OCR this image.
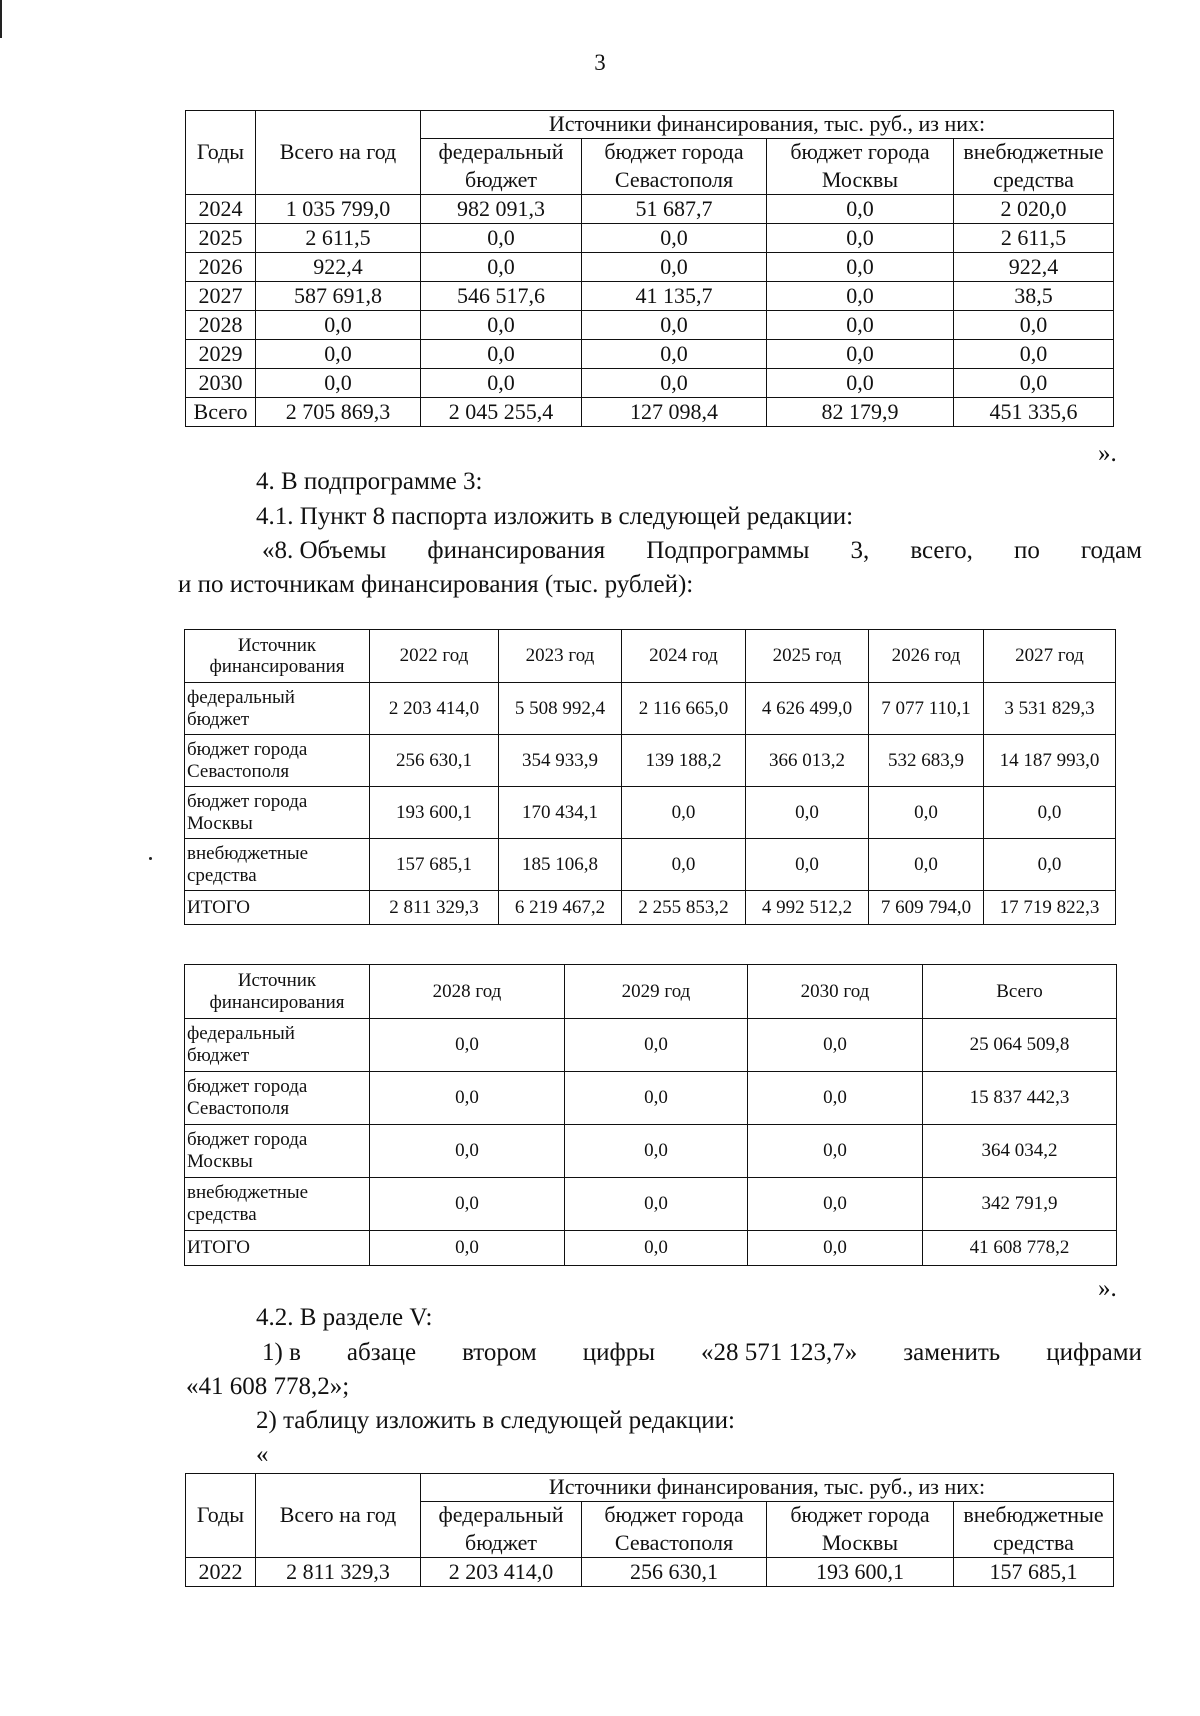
3
Годы	Всего на год	Источники финансирования, тыс. руб., из них:			
		федеральный	бюджет города	бюджет города	внебюджетные
		бюджет	Севастополя	Москвы	средства
2024	1 035 799,0	982 091,3	51 687,7	0,0	2 020,0
2025	2 611,5	0,0	0,0	0,0	2 611,5
2026	922,4	0,0	0,0	0,0	922,4
2027	587 691,8	546 517,6	41 135,7	0,0	38,5
2028	0,0	0,0	0,0	0,0	0,0
2029	0,0	0,0	0,0	0,0	0,0
2030	0,0	0,0	0,0	0,0	0,0
Всего	2 705 869,3	2 045 255,4	127 098,4	82 179,9	451 335,6
».
4. В подпрограмме 3:
4.1. Пункт 8 паспорта изложить в следующей редакции:
«8. Объемы финансирования Подпрограммы 3, всего, по годам
и по источникам финансирования (тыс. рублей):
Источник
финансирования	2022 год	2023 год	2024 год	2025 год	2026 год	2027 год
федеральный
бюджет	2 203 414,0	5 508 992,4	2 116 665,0	4 626 499,0	7 077 110,1	3 531 829,3
бюджет города
Севастополя	256 630,1	354 933,9	139 188,2	366 013,2	532 683,9	14 187 993,0
бюджет города
Москвы	193 600,1	170 434,1	0,0	0,0	0,0	0,0
внебюджетные
средства	157 685,1	185 106,8	0,0	0,0	0,0	0,0
ИТОГО	2 811 329,3	6 219 467,2	2 255 853,2	4 992 512,2	7 609 794,0	17 719 822,3
Источник
финансирования	2028 год	2029 год	2030 год	Всего
федеральный
бюджет	0,0	0,0	0,0	25 064 509,8
бюджет города
Севастополя	0,0	0,0	0,0	15 837 442,3
бюджет города
Москвы	0,0	0,0	0,0	364 034,2
внебюджетные
средства	0,0	0,0	0,0	342 791,9
ИТОГО	0,0	0,0	0,0	41 608 778,2
».
4.2. В разделе V:
1) в абзаце втором цифры «28 571 123,7» заменить цифрами
«41 608 778,2»;
2) таблицу изложить в следующей редакции:
«
Годы	Всего на год	Источники финансирования, тыс. руб., из них:			
		федеральный	бюджет города	бюджет города	внебюджетные
		бюджет	Севастополя	Москвы	средства
2022	2 811 329,3	2 203 414,0	256 630,1	193 600,1	157 685,1
